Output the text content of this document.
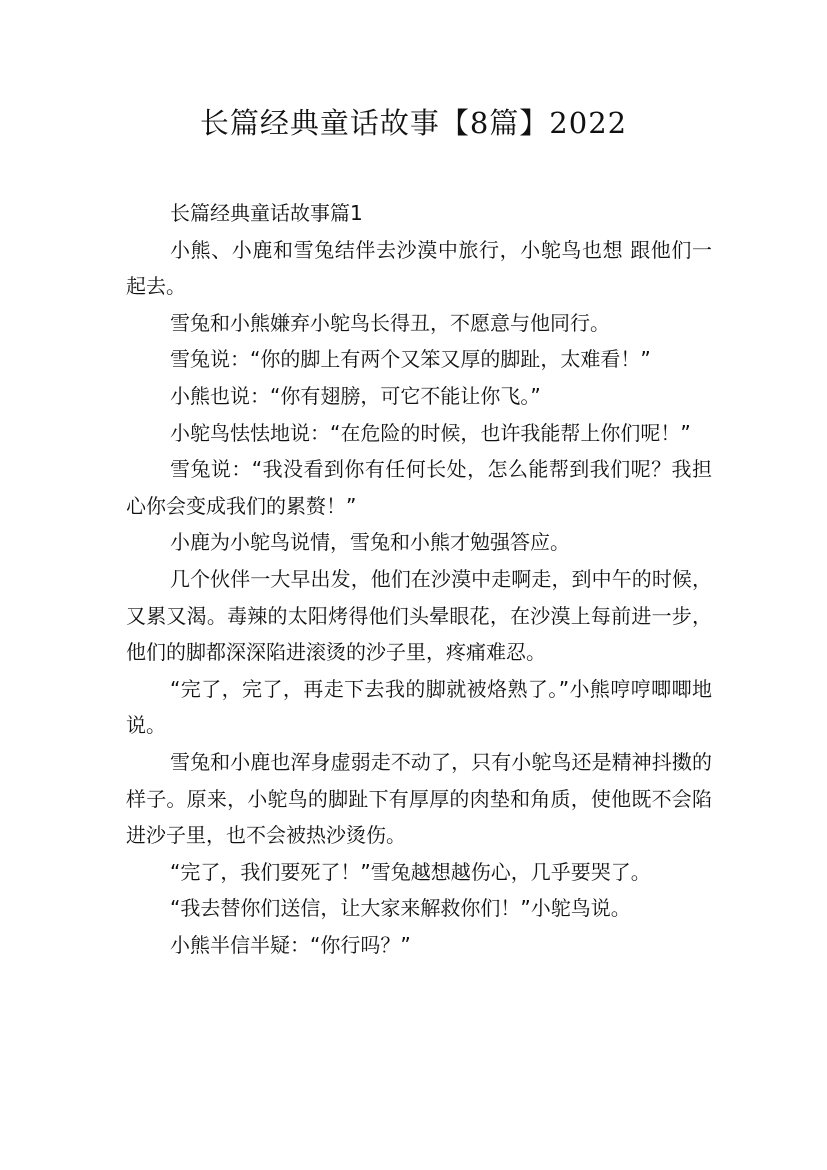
长篇经典童话故事【8篇】2022

长篇经典童话故事篇1

小熊、小鹿和雪兔结伴去沙漠中旅行，小鸵鸟也想 跟他们一起去。

雪兔和小熊嫌弃小鸵鸟长得丑，不愿意与他同行。

雪兔说：“你的脚上有两个又笨又厚的脚趾，太难看！”

小熊也说：“你有翅膀，可它不能让你飞。”

小鸵鸟怯怯地说：“在危险的时候，也许我能帮上你们呢！”

雪兔说：“我没看到你有任何长处，怎么能帮到我们呢？我担心你会变成我们的累赘！”

小鹿为小鸵鸟说情，雪兔和小熊才勉强答应。

几个伙伴一大早出发，他们在沙漠中走啊走，到中午的时候，又累又渴。毒辣的太阳烤得他们头晕眼花，在沙漠上每前进一步，他们的脚都深深陷进滚烫的沙子里，疼痛难忍。

“完了，完了，再走下去我的脚就被烙熟了。”小熊哼哼唧唧地说。

雪兔和小鹿也浑身虚弱走不动了，只有小鸵鸟还是精神抖擞的样子。原来，小鸵鸟的脚趾下有厚厚的肉垫和角质，使他既不会陷进沙子里，也不会被热沙烫伤。

“完了，我们要死了！”雪兔越想越伤心，几乎要哭了。

“我去替你们送信，让大家来解救你们！”小鸵鸟说。

小熊半信半疑：“你行吗？”
